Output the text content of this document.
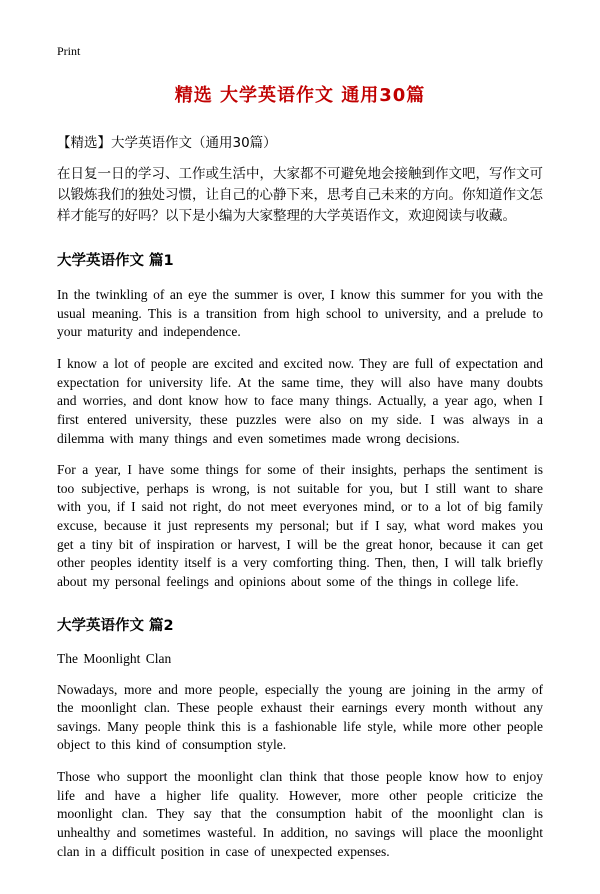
Print
精选 大学英语作文 通用30篇

【精选】大学英语作文（通用30篇）

在日复一日的学习、工作或生活中，大家都不可避免地会接触到作文吧，写作文可以锻炼我们的独处习惯，让自己的心静下来，思考自己未来的方向。你知道作文怎样才能写的好吗？以下是小编为大家整理的大学英语作文，欢迎阅读与收藏。

大学英语作文 篇1

In the twinkling of an eye the summer is over, I know this summer for you with the usual meaning. This is a transition from high school to university, and a prelude to your maturity and independence.

I know a lot of people are excited and excited now. They are full of expectation and expectation for university life. At the same time, they will also have many doubts and worries, and dont know how to face many things. Actually, a year ago, when I first entered university, these puzzles were also on my side. I was always in a dilemma with many things and even sometimes made wrong decisions.

For a year, I have some things for some of their insights, perhaps the sentiment is too subjective, perhaps is wrong, is not suitable for you, but I still want to share with you, if I said not right, do not meet everyones mind, or to a lot of big family excuse, because it just represents my personal; but if I say, what word makes you get a tiny bit of inspiration or harvest, I will be the great honor, because it can get other peoples identity itself is a very comforting thing. Then, then, I will talk briefly about my personal feelings and opinions about some of the things in college life.

大学英语作文 篇2

The Moonlight Clan

Nowadays, more and more people, especially the young are joining in the army of the moonlight clan. These people exhaust their earnings every month without any savings. Many people think this is a fashionable life style, while more other people object to this kind of consumption style.

Those who support the moonlight clan think that those people know how to enjoy life and have a higher life quality. However, more other people criticize the moonlight clan. They say that the consumption habit of the moonlight clan is unhealthy and sometimes wasteful. In addition, no savings will place the moonlight clan in a difficult position in case of unexpected expenses.
